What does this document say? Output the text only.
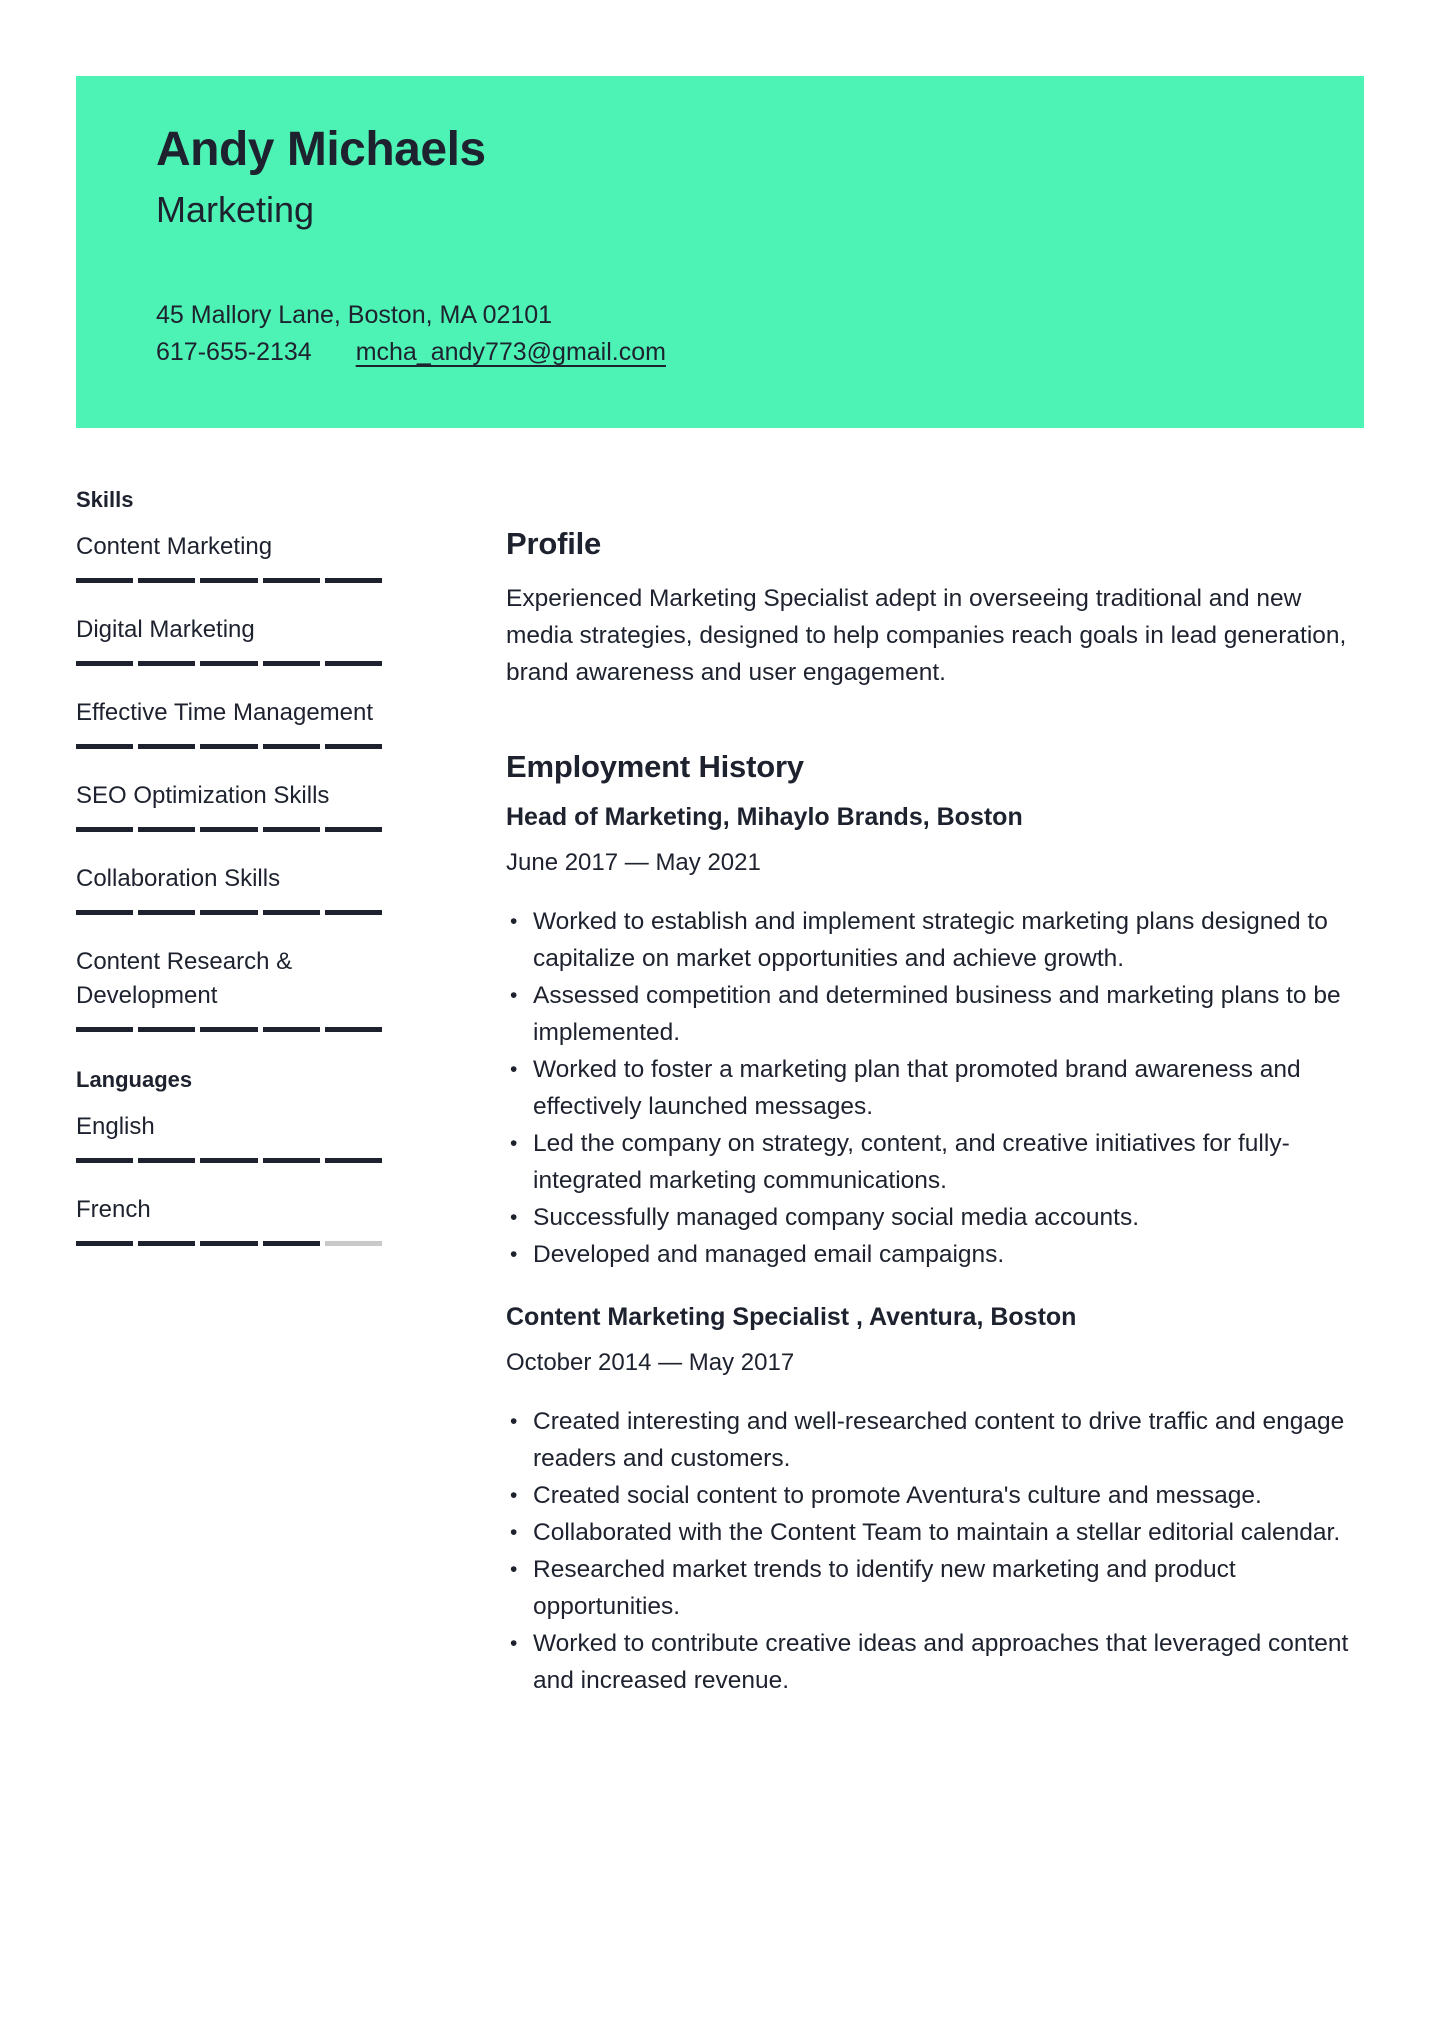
Andy Michaels
Marketing
45 Mallory Lane, Boston, MA 02101
617-655-2134 mcha_andy773@gmail.com
Skills
Content Marketing
Digital Marketing
Effective Time Management
SEO Optimization Skills
Collaboration Skills
Content Research & Development
Languages
English
French
Profile

Experienced Marketing Specialist adept in overseeing traditional and new media strategies, designed to help companies reach goals in lead generation, brand awareness and user engagement.

Employment History
Head of Marketing, Mihaylo Brands, Boston
June 2017 — May 2021
• Worked to establish and implement strategic marketing plans designed to capitalize on market opportunities and achieve growth.
• Assessed competition and determined business and marketing plans to be implemented.
• Worked to foster a marketing plan that promoted brand awareness and effectively launched messages.
• Led the company on strategy, content, and creative initiatives for fully-integrated marketing communications.
• Successfully managed company social media accounts.
• Developed and managed email campaigns.
Content Marketing Specialist , Aventura, Boston
October 2014 — May 2017
• Created interesting and well-researched content to drive traffic and engage readers and customers.
• Created social content to promote Aventura's culture and message.
• Collaborated with the Content Team to maintain a stellar editorial calendar.
• Researched market trends to identify new marketing and product opportunities.
• Worked to contribute creative ideas and approaches that leveraged content and increased revenue.
